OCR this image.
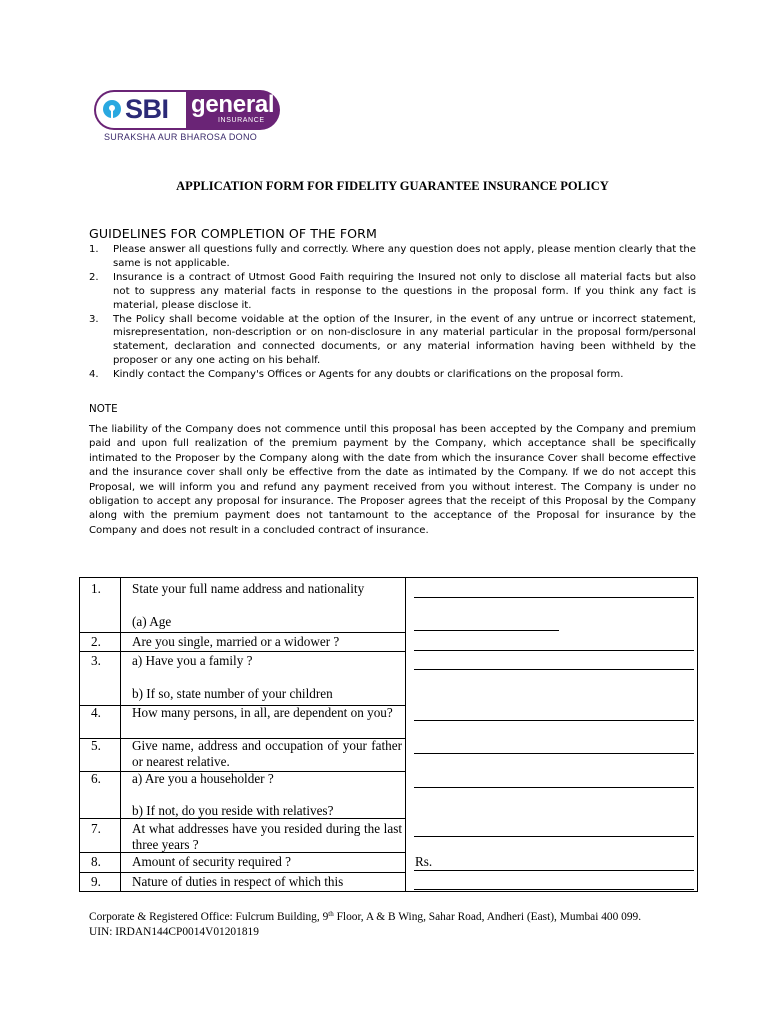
SBI general
INSURANCE
SURAKSHA AUR BHAROSA DONO
APPLICATION FORM FOR FIDELITY GUARANTEE INSURANCE POLICY
GUIDELINES FOR COMPLETION OF THE FORM
1. Please answer all questions fully and correctly. Where any question does not apply, please mention clearly that the same is not applicable.
2. Insurance is a contract of Utmost Good Faith requiring the Insured not only to disclose all material facts but also not to suppress any material facts in response to the questions in the proposal form. If you think any fact is material, please disclose it.
3. The Policy shall become voidable at the option of the Insurer, in the event of any untrue or incorrect statement, misrepresentation, non-description or on non-disclosure in any material particular in the proposal form/personal statement, declaration and connected documents, or any material information having been withheld by the proposer or any one acting on his behalf.
4. Kindly contact the Company's Offices or Agents for any doubts or clarifications on the proposal form.
NOTE

The liability of the Company does not commence until this proposal has been accepted by the Company and premium paid and upon full realization of the premium payment by the Company, which acceptance shall be specifically intimated to the Proposer by the Company along with the date from which the insurance Cover shall become effective and the insurance cover shall only be effective from the date as intimated by the Company. If we do not accept this Proposal, we will inform you and refund any payment received from you without interest. The Company is under no obligation to accept any proposal for insurance. The Proposer agrees that the receipt of this Proposal by the Company along with the premium payment does not tantamount to the acceptance of the Proposal for insurance by the Company and does not result in a concluded contract of insurance.

1. State your full name address and nationality
(a) Age
2. Are you single, married or a widower ?
3. a) Have you a family ?
b) If so, state number of your children
4. How many persons, in all, are dependent on you?
5. Give name, address and occupation of your father or nearest relative.
6. a) Are you a householder ?
b) If not, do you reside with relatives?
7. At what addresses have you resided during the last three years ?
8. Amount of security required ?	Rs.
9. Nature of duties in respect of which this
Corporate & Registered Office: Fulcrum Building, 9th Floor, A & B Wing, Sahar Road, Andheri (East), Mumbai 400 099.
UIN: IRDAN144CP0014V01201819
